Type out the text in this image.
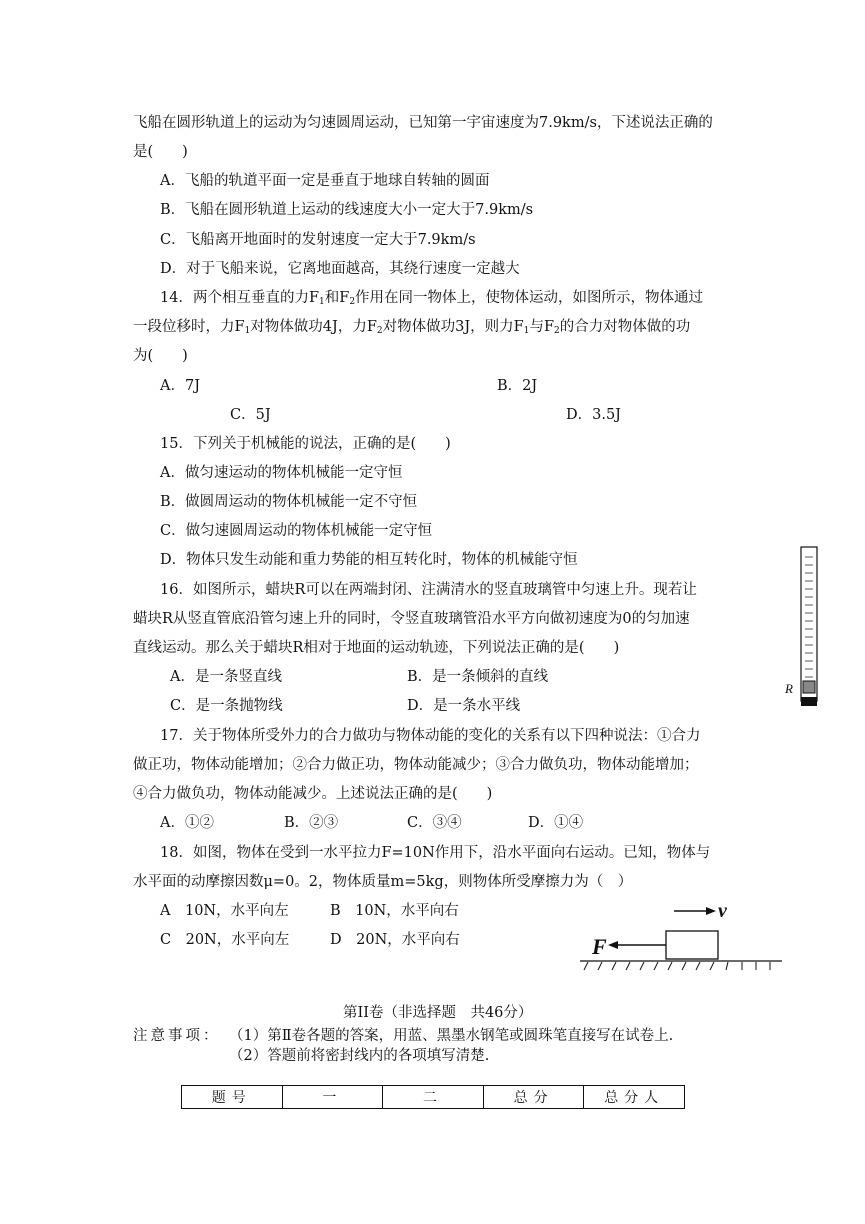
飞船在圆形轨道上的运动为匀速圆周运动，已知第一宇宙速度为7.9km/s，下述说法正确的
是(　　)
A．飞船的轨道平面一定是垂直于地球自转轴的圆面
B．飞船在圆形轨道上运动的线速度大小一定大于7.9km/s
C．飞船离开地面时的发射速度一定大于7.9km/s
D．对于飞船来说，它离地面越高，其绕行速度一定越大
14．两个相互垂直的力$F_1$和$F_2$作用在同一物体上，使物体运动，如图所示，物体通过
一段位移时，力$F_1$对物体做功4J，力$F_2$对物体做功3J，则力$F_1$与$F_2$的合力对物体做的功
为(　　)
A．7J	B．2J
C．5J	D．3.5J
15．下列关于机械能的说法，正确的是(　　)
A．做匀速运动的物体机械能一定守恒
B．做圆周运动的物体机械能一定不守恒
C．做匀速圆周运动的物体机械能一定守恒
D．物体只发生动能和重力势能的相互转化时，物体的机械能守恒
16．如图所示，蜡块R可以在两端封闭、注满清水的竖直玻璃管中匀速上升。现若让
蜡块R从竖直管底沿管匀速上升的同时，令竖直玻璃管沿水平方向做初速度为0的匀加速
直线运动。那么关于蜡块R相对于地面的运动轨迹，下列说法正确的是(　　)
A．是一条竖直线	B．是一条倾斜的直线
C．是一条抛物线	D．是一条水平线
R
17．关于物体所受外力的合力做功与物体动能的变化的关系有以下四种说法：①合力
做正功，物体动能增加；②合力做正功，物体动能减少；③合力做负功，物体动能增加；
④合力做负功，物体动能减少。上述说法正确的是(　　)
A．①②	B．②③	C．③④	D．①④
18．如图，物体在受到一水平拉力F=10N作用下，沿水平面向右运动。已知，物体与
水平面的动摩擦因数μ=0。2，物体质量m=5kg，则物体所受摩擦力为（　）
A　10N，水平向左	B　10N，水平向右
C　20N，水平向左	D　20N，水平向右
v
F
第II卷（非选择题　共46分）
注意事项： （1）第Ⅱ卷各题的答案，用蓝、黑墨水钢笔或圆珠笔直接写在试卷上.
（2）答题前将密封线内的各项填写清楚.
题号	一	二	总分	总分人
